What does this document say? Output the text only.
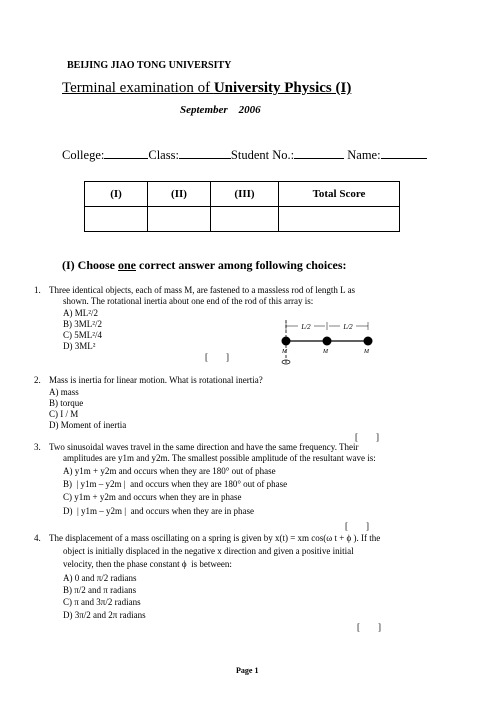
BEIJING JIAO TONG UNIVERSITY
Terminal examination of University Physics (I)
September    2006
College:	Class:	Student No.:	Name:
(I)	(II)	(III)	Total Score

(I) Choose one correct answer among following choices:
1. Three identical objects, each of mass M, are fastened to a massless rod of length L as
shown. The rotational inertia about one end of the rod of this array is:
A) ML²/2
B) 3ML²/2
C) 5ML²/4
D) 3ML²
[        ]
L/2	L/2
M	M	M
2. Mass is inertia for linear motion. What is rotational inertia?
A) mass
B) torque
C) I / M
D) Moment of inertia
[        ]
3. Two sinusoidal waves travel in the same direction and have the same frequency. Their
amplitudes are y1m and y2m. The smallest possible amplitude of the resultant wave is:
A) y1m + y2m and occurs when they are 180° out of phase
B)  | y1m – y2m |  and occurs when they are 180° out of phase
C) y1m + y2m and occurs when they are in phase
D)  | y1m – y2m |  and occurs when they are in phase
[        ]
4. The displacement of a mass oscillating on a spring is given by x(t) = xm cos(ω t + ϕ ). If the
object is initially displaced in the negative x direction and given a positive initial
velocity, then the phase constant ϕ  is between:
A) 0 and π/2 radians
B) π/2 and π radians
C) π and 3π/2 radians
D) 3π/2 and 2π radians
[        ]
Page 1
